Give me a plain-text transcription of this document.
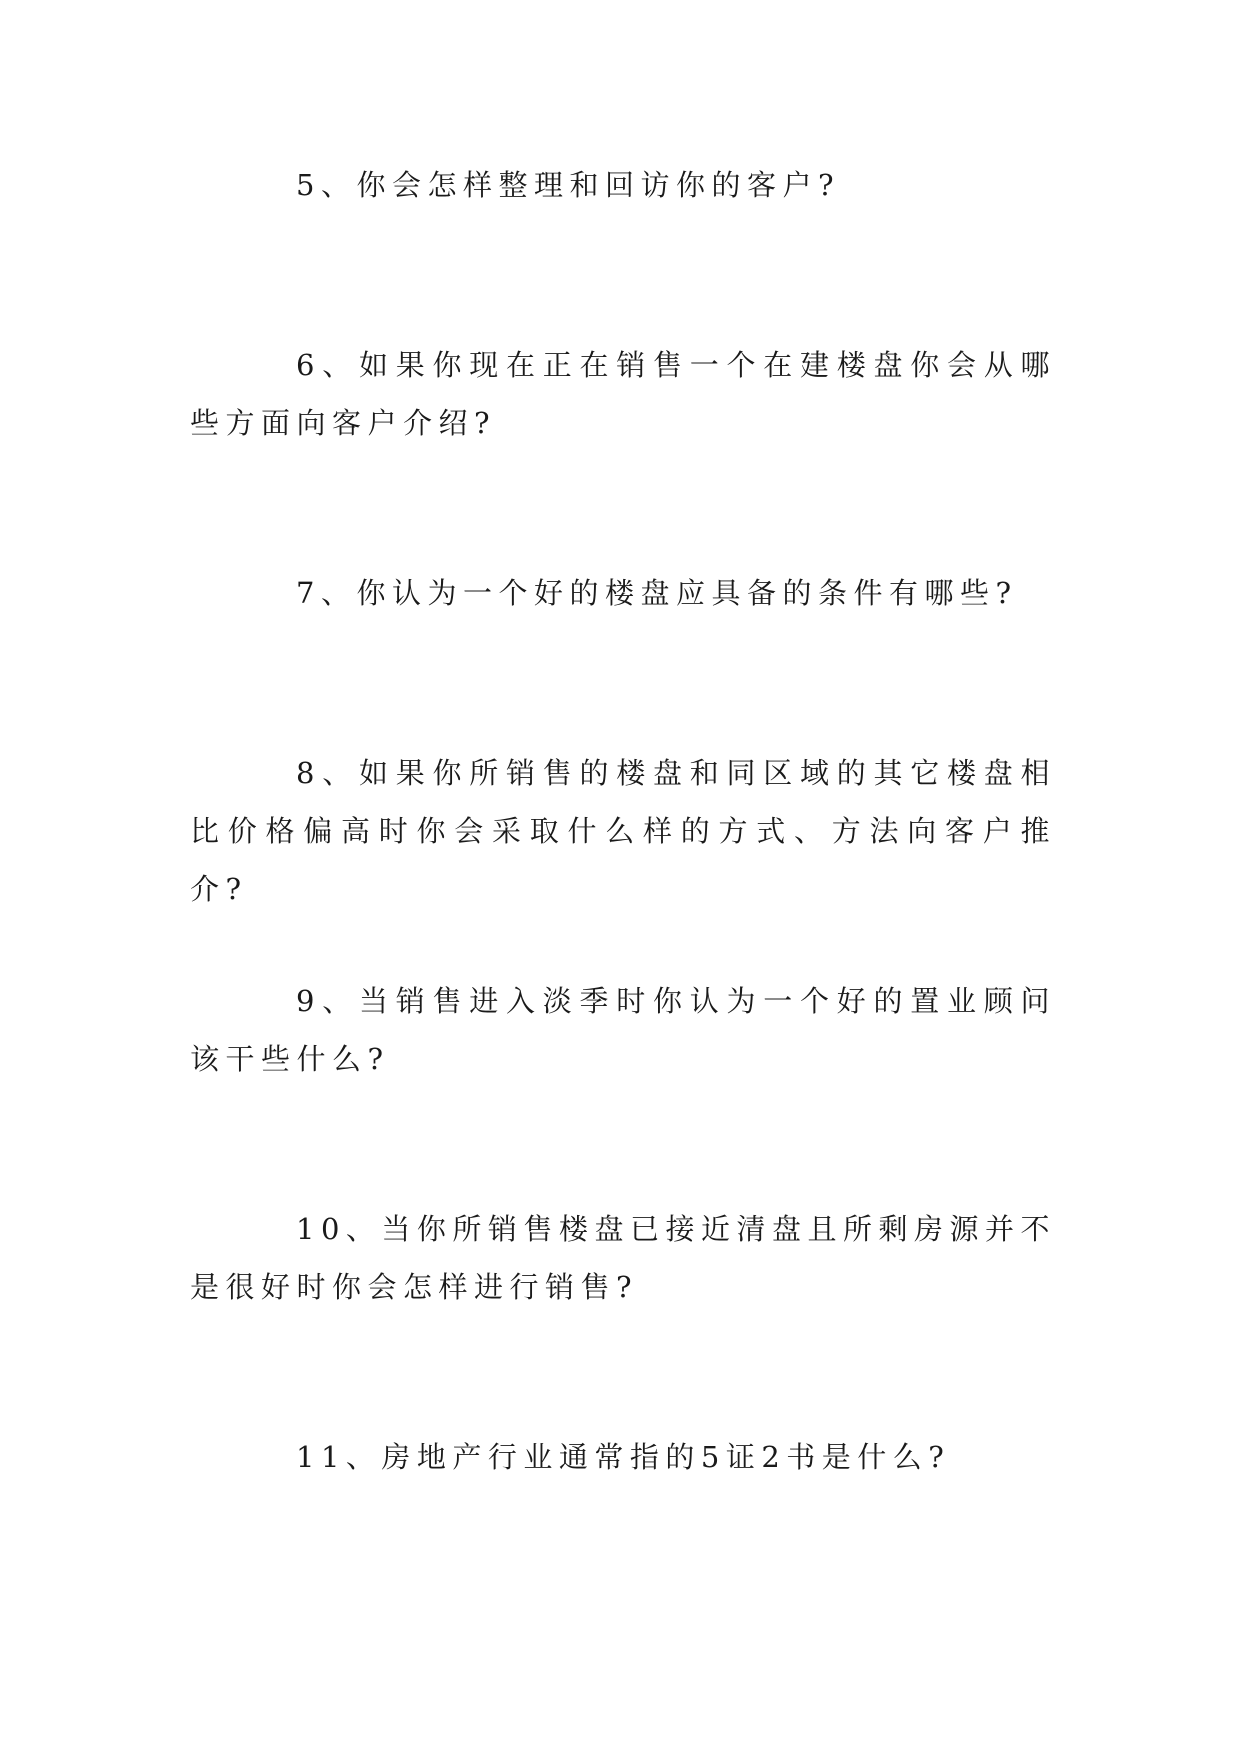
5、你会怎样整理和回访你的客户?

6、如果你现在正在销售一个在建楼盘你会从哪些方面向客户介绍?

7、你认为一个好的楼盘应具备的条件有哪些?

8、如果你所销售的楼盘和同区域的其它楼盘相比价格偏高时你会采取什么样的方式、方法向客户推介?

9、当销售进入淡季时你认为一个好的置业顾问该干些什么?

10、当你所销售楼盘已接近清盘且所剩房源并不是很好时你会怎样进行销售?

11、房地产行业通常指的5证2书是什么?
